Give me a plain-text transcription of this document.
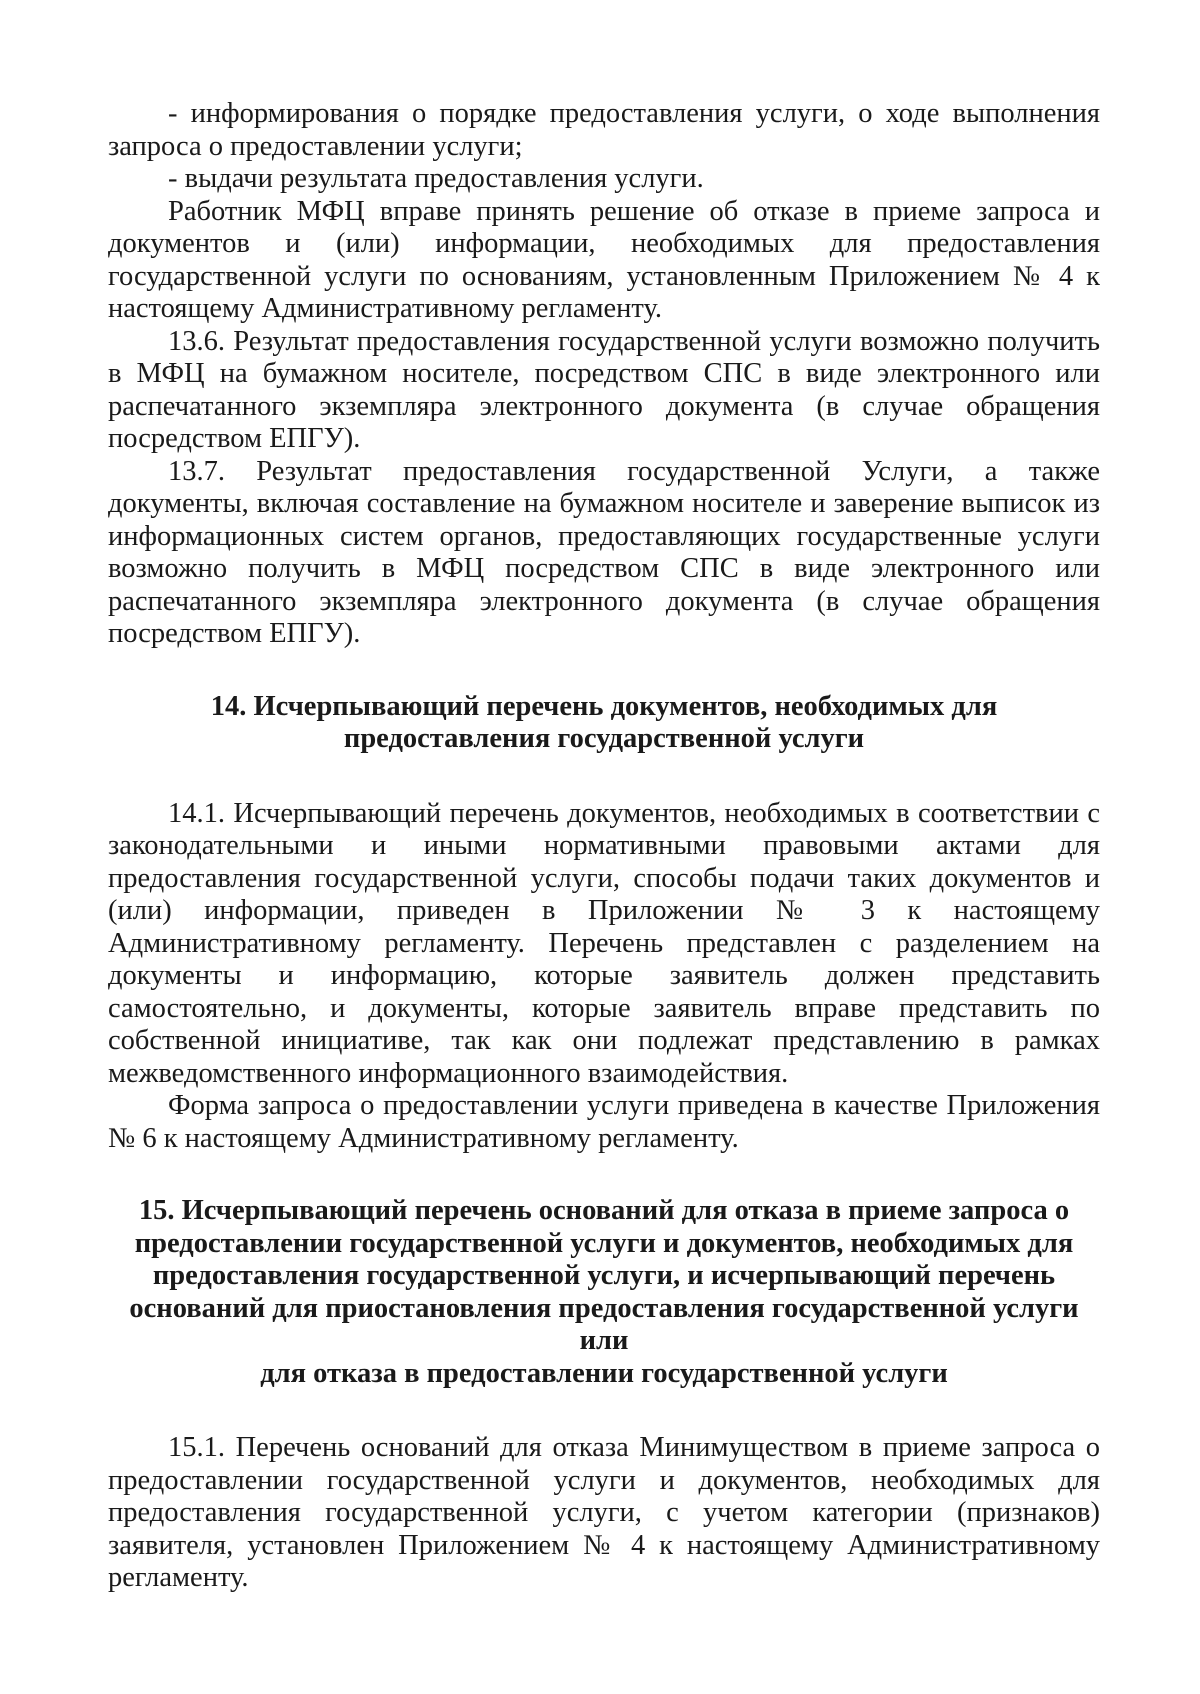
- информирования о порядке предоставления услуги, о ходе выполнения запроса о предоставлении услуги;

- выдачи результата предоставления услуги.

Работник МФЦ вправе принять решение об отказе в приеме запроса и документов и (или) информации, необходимых для предоставления государственной услуги по основаниям, установленным Приложением № 4 к настоящему Административному регламенту.

13.6. Результат предоставления государственной услуги возможно получить в МФЦ на бумажном носителе, посредством СПС в виде электронного или распечатанного экземпляра электронного документа (в случае обращения посредством ЕПГУ).

13.7. Результат предоставления государственной Услуги, а также документы, включая составление на бумажном носителе и заверение выписок из информационных систем органов, предоставляющих государственные услуги возможно получить в МФЦ посредством СПС в виде электронного или распечатанного экземпляра электронного документа (в случае обращения посредством ЕПГУ).

14. Исчерпывающий перечень документов, необходимых для
предоставления государственной услуги

14.1. Исчерпывающий перечень документов, необходимых в соответствии с законодательными и иными нормативными правовыми актами для предоставления государственной услуги, способы подачи таких документов и (или) информации, приведен в Приложении № 3 к настоящему Административному регламенту. Перечень представлен с разделением на документы и информацию, которые заявитель должен представить самостоятельно, и документы, которые заявитель вправе представить по собственной инициативе, так как они подлежат представлению в рамках межведомственного информационного взаимодействия.

Форма запроса о предоставлении услуги приведена в качестве Приложения № 6 к настоящему Административному регламенту.

15. Исчерпывающий перечень оснований для отказа в приеме запроса о
предоставлении государственной услуги и документов, необходимых для
предоставления государственной услуги, и исчерпывающий перечень
оснований для приостановления предоставления государственной услуги или
для отказа в предоставлении государственной услуги

15.1. Перечень оснований для отказа Минимуществом в приеме запроса о предоставлении государственной услуги и документов, необходимых для предоставления государственной услуги, с учетом категории (признаков) заявителя, установлен Приложением № 4 к настоящему Административному регламенту.
